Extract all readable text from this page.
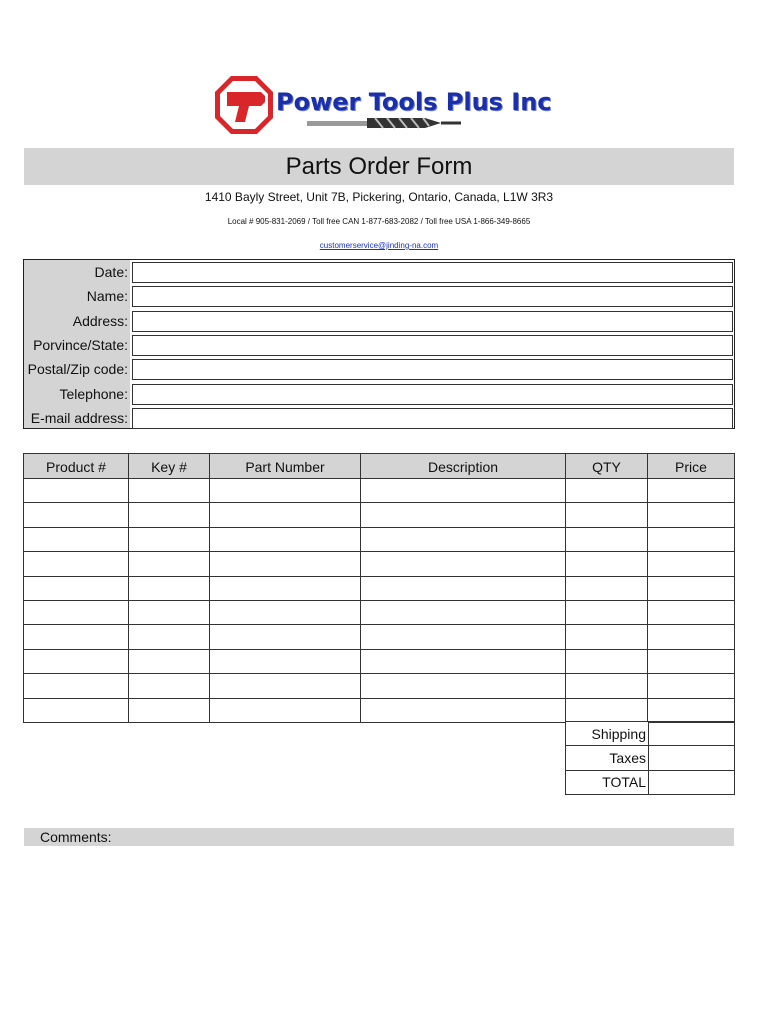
Power Tools Plus Inc
Parts Order Form
1410 Bayly Street, Unit 7B, Pickering, Ontario, Canada, L1W 3R3
Local # 905-831-2069 / Toll free CAN 1-877-683-2082 / Toll free USA 1-866-349-8665
customerservice@jinding-na.com
Date:
Name:
Address:
Porvince/State:
Postal/Zip code:
Telephone:
E-mail address:
Product #	Key #	Part Number	Description	QTY	Price

Shipping	
Taxes	
TOTAL	
Comments:
